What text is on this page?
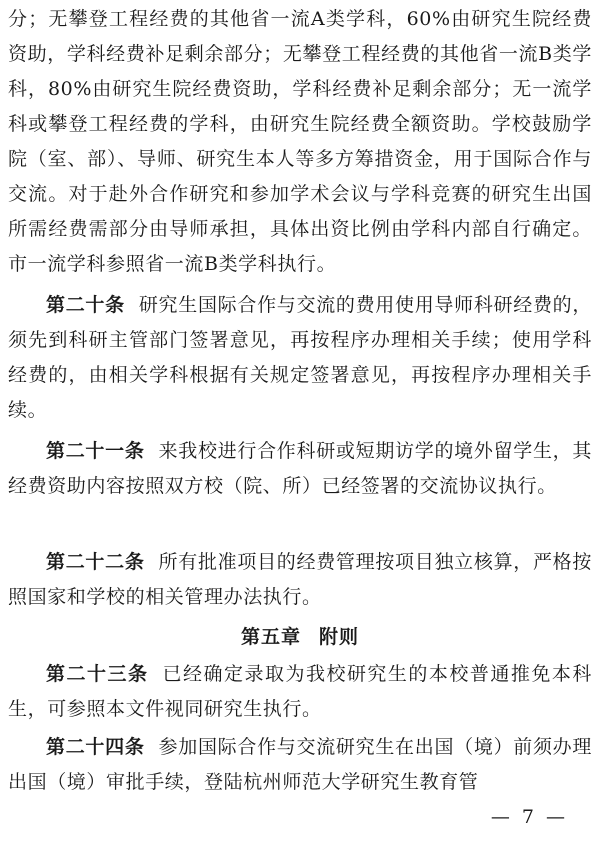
分；无攀登工程经费的其他省一流A类学科，60%由研究生院经费资助，学科经费补足剩余部分；无攀登工程经费的其他省一流B类学科，80%由研究生院经费资助，学科经费补足剩余部分；无一流学科或攀登工程经费的学科，由研究生院经费全额资助。学校鼓励学院（室、部）、导师、研究生本人等多方筹措资金，用于国际合作与交流。对于赴外合作研究和参加学术会议与学科竞赛的研究生出国所需经费需部分由导师承担，具体出资比例由学科内部自行确定。市一流学科参照省一流B类学科执行。

第二十条 研究生国际合作与交流的费用使用导师科研经费的，须先到科研主管部门签署意见，再按程序办理相关手续；使用学科经费的，由相关学科根据有关规定签署意见，再按程序办理相关手续。

第二十一条 来我校进行合作科研或短期访学的境外留学生，其经费资助内容按照双方校（院、所）已经签署的交流协议执行。

第二十二条 所有批准项目的经费管理按项目独立核算，严格按照国家和学校的相关管理办法执行。

第五章 附则

第二十三条 已经确定录取为我校研究生的本校普通推免本科生，可参照本文件视同研究生执行。

第二十四条 参加国际合作与交流研究生在出国（境）前须办理出国（境）审批手续，登陆杭州师范大学研究生教育管

— 7 —
